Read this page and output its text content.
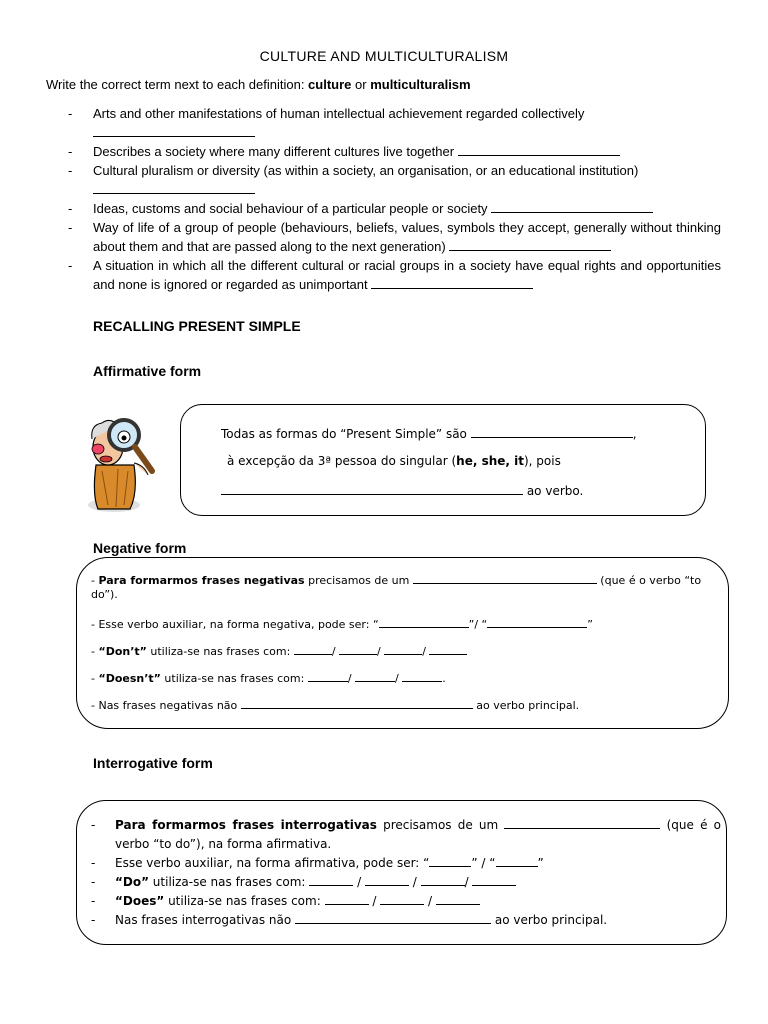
CULTURE AND MULTICULTURALISM
Write the correct term next to each definition: culture or multiculturalism
-	Arts and other manifestations of human intellectual achievement regarded collectively

-	Describes a society where many different cultures live together
-	Cultural pluralism or diversity (as within a society, an organisation, or an educational institution)

-	Ideas, customs and social behaviour of a particular people or society
-	Way of life of a group of people (behaviours, beliefs, values, symbols they accept, generally without thinking about them and that are passed along to the next generation)
-	A situation in which all the different cultural or racial groups in a society have equal rights and opportunities and none is ignored or regarded as unimportant
RECALLING PRESENT SIMPLE
Affirmative form
Todas as formas do “Present Simple” são	,
à excepção da 3ª pessoa do singular (he, she, it), pois
ao verbo.
Negative form
- Para formarmos frases negativas precisamos de um	(que é o verbo “to
do”).
- Esse verbo auxiliar, na forma negativa, pode ser: “	”/ “	”
- “Don’t” utiliza-se nas frases com:	/	/	/
- “Doesn’t” utiliza-se nas frases com:	/	/	.
- Nas frases negativas não	ao verbo principal.
Interrogative form
-	Para formarmos frases interrogativas precisamos de um	(que é o verbo “to do”), na forma afirmativa.
-	Esse verbo auxiliar, na forma afirmativa, pode ser: “	” / “	”
-	“Do” utiliza-se nas frases com:	/	/	/
-	“Does” utiliza-se nas frases com:	/	/
-	Nas frases interrogativas não	ao verbo principal.
